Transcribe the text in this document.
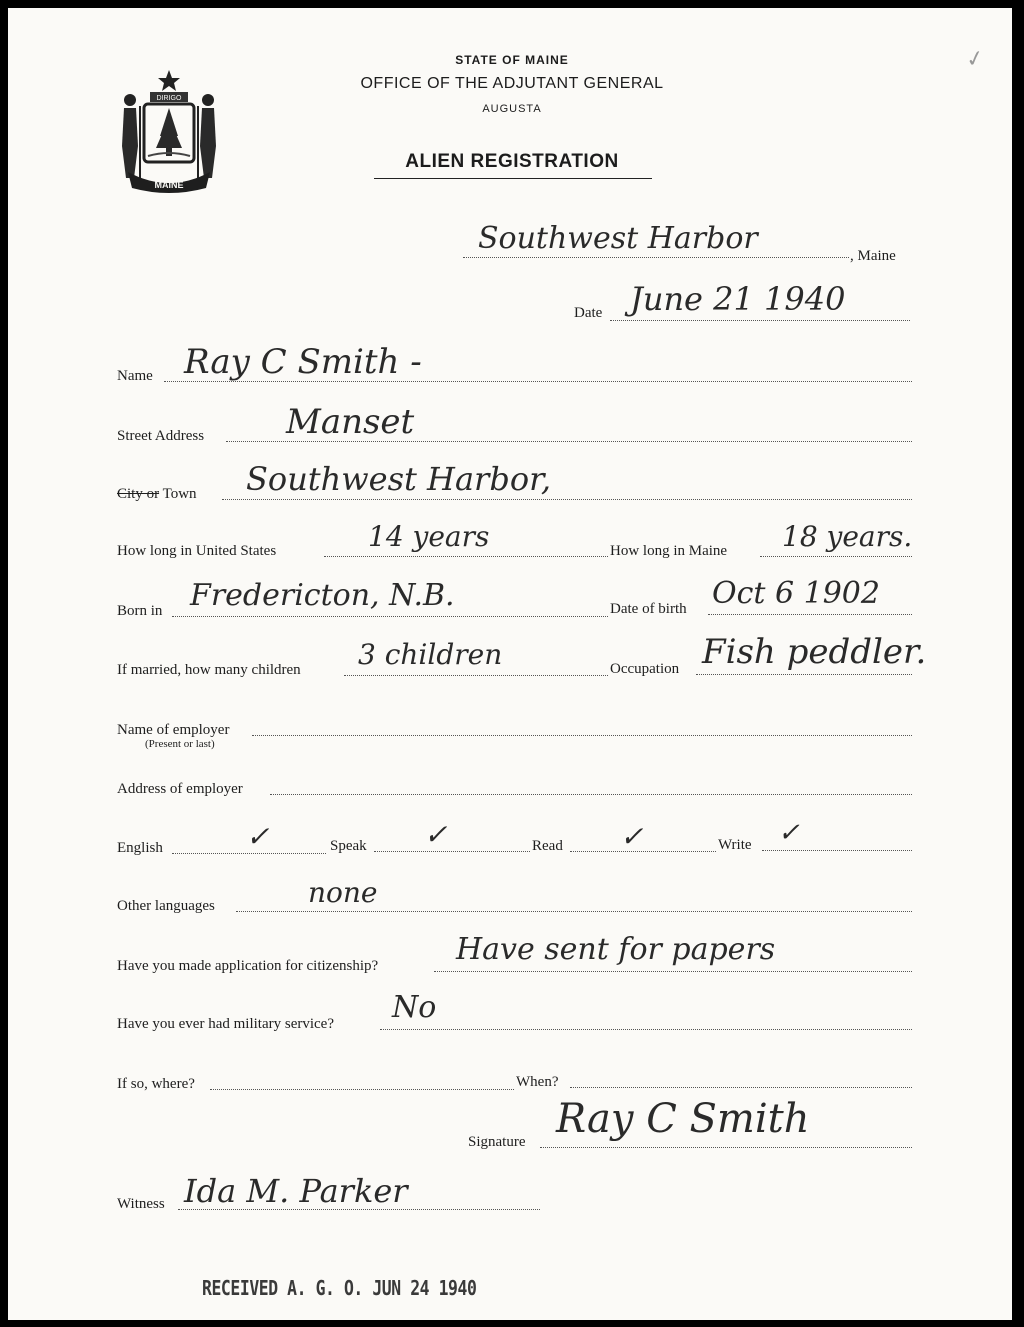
DIRIGO
MAINE
STATE OF MAINE
OFFICE OF THE ADJUTANT GENERAL
AUGUSTA
ALIEN REGISTRATION
✓
Southwest Harbor	, Maine
Date June 21 1940
Name Ray C Smith -
Street Address Manset
City or Town Southwest Harbor,
How long in United States	14 years	How long in Maine 18 years.
Born in Fredericton, N.B.	Date of birth Oct 6 1902
If married, how many children 3 children	Occupation Fish peddler.
Name of employer
(Present or last)
Address of employer
English	✓	Speak ✓	Read ✓	Write ✓
Other languages	none
Have you made application for citizenship?	Have sent for papers
Have you ever had military service? No
If so, where?	When?
Signature Ray C Smith
Witness Ida M. Parker
RECEIVED A. G. O. JUN 24 1940
